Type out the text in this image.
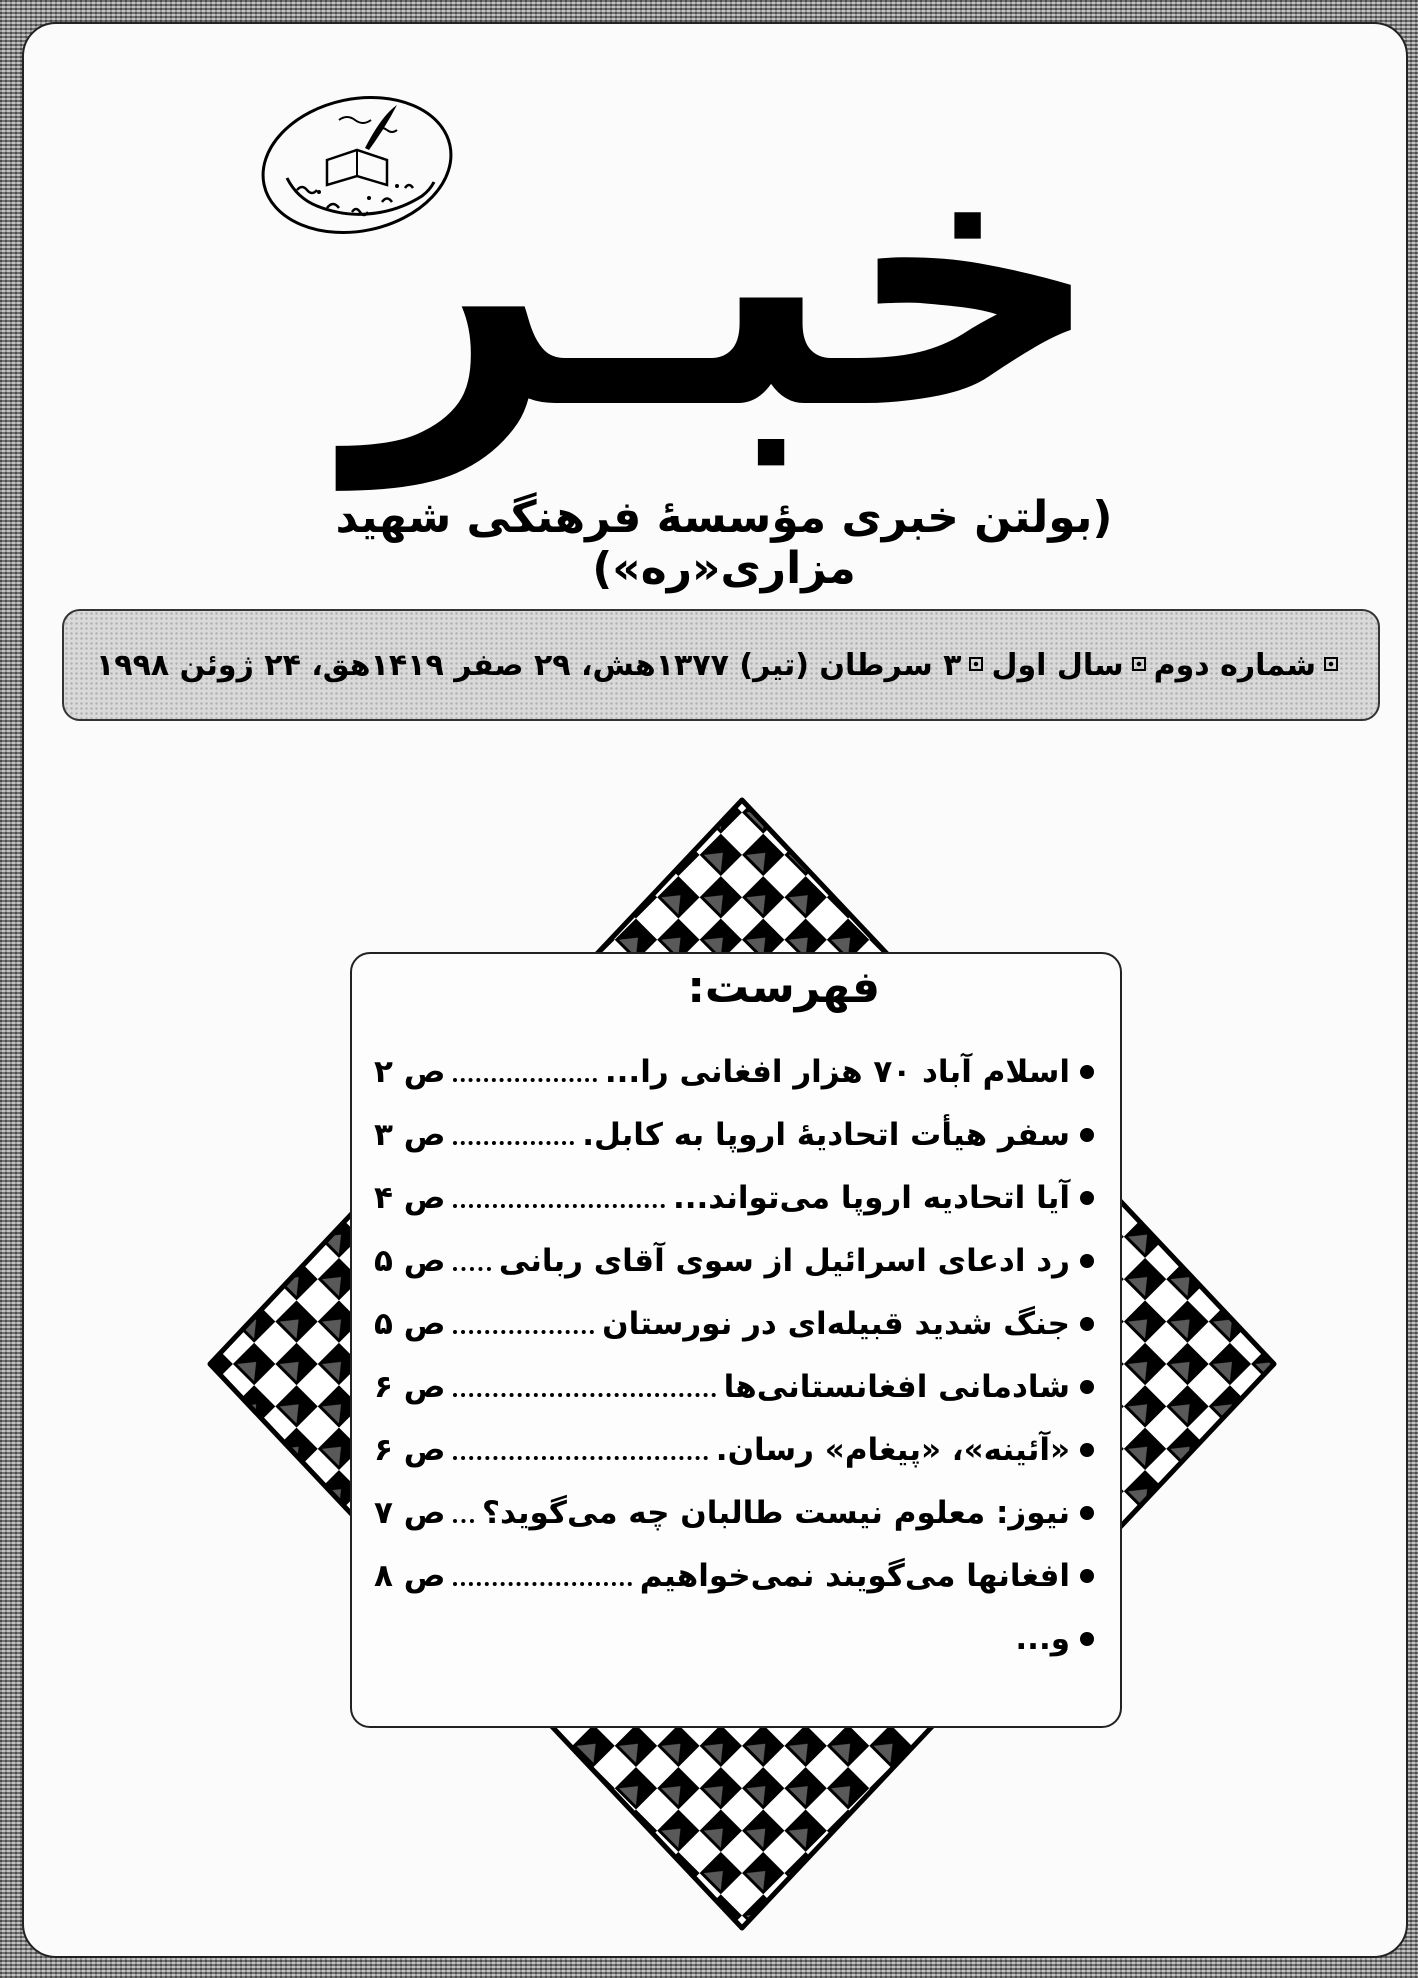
خبـر
(بولتن خبری مؤسسهٔ فرهنگی شهید مزاری«ره»)
شماره دومسال اول۳ سرطان (تیر) ۱۳۷۷هش، ۲۹ صفر ۱۴۱۹هق، ۲۴ ژوئن ۱۹۹۸
فهرست:
اسلام آباد ۷۰ هزار افغانی را...
ص ۲
سفر هیأت اتحادیهٔ اروپا به کابل.
ص ۳
آیا اتحادیه اروپا می‌تواند...
ص ۴
رد ادعای اسرائیل از سوی آقای ربانی
ص ۵
جنگ شدید قبیله‌ای در نورستان
ص ۵
شادمانی افغانستانی‌ها
ص ۶
«آئینه»، «پیغام» رسان.
ص ۶
نیوز: معلوم نیست طالبان چه می‌گوید؟
ص ۷
افغانها می‌گویند نمی‌خواهیم
ص ۸
و...
